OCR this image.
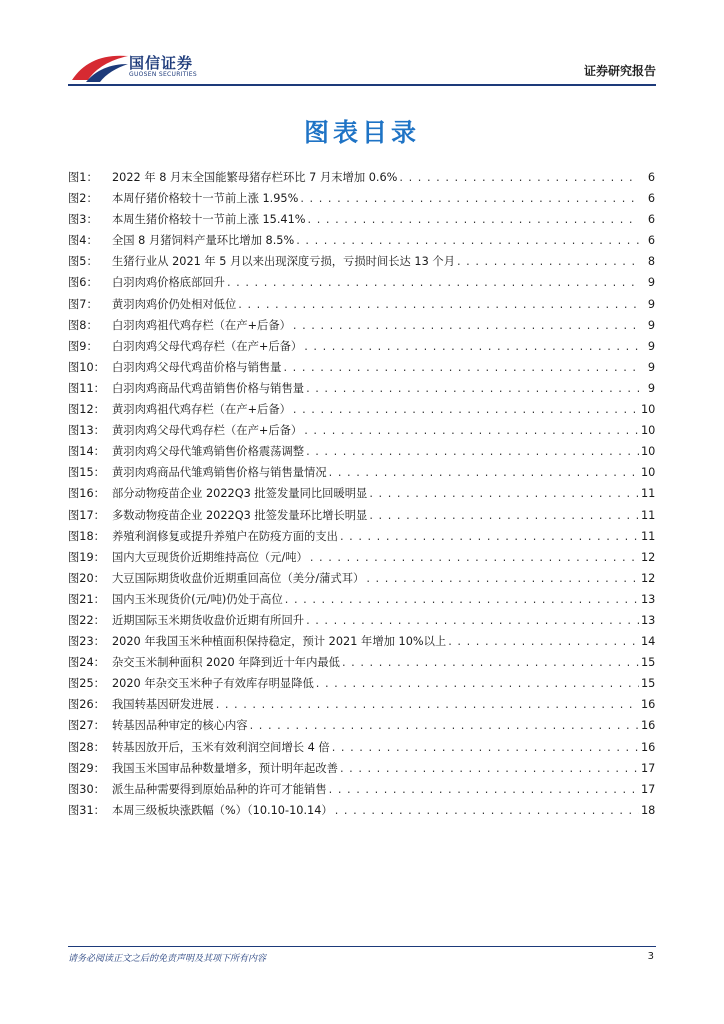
国信证券
GUOSEN SECURITIES	证券研究报告
图表目录
图1：	2022 年 8 月末全国能繁母猪存栏环比 7 月末增加 0.6% . . .	6
图2：	本周仔猪价格较十一节前上涨 1.95% . . .	6
图3：	本周生猪价格较十一节前上涨 15.41% . . .	6
图4：	全国 8 月猪饲料产量环比增加 8.5% . . .	6
图5：	生猪行业从 2021 年 5 月以来出现深度亏损，亏损时间长达 13 个月 . . .	8
图6：	白羽肉鸡价格底部回升 . . .	9
图7：	黄羽肉鸡价仍处相对低位 . . .	9
图8：	白羽肉鸡祖代鸡存栏（在产+后备） . . .	9
图9：	白羽肉鸡父母代鸡存栏（在产+后备） . . .	9
图10： 白羽肉鸡父母代鸡苗价格与销售量 . . .	9
图11： 白羽肉鸡商品代鸡苗销售价格与销售量 . . .	9
图12： 黄羽肉鸡祖代鸡存栏（在产+后备） . . .	10
图13： 黄羽肉鸡父母代鸡存栏（在产+后备） . . .	10
图14： 黄羽肉鸡父母代雏鸡销售价格震荡调整 . . .	10
图15： 黄羽肉鸡商品代雏鸡销售价格与销售量情况 . . .	10
图16： 部分动物疫苗企业 2022Q3 批签发量同比回暖明显 . . .	11
图17： 多数动物疫苗企业 2022Q3 批签发量环比增长明显 . . .	11
图18： 养殖利润修复或提升养殖户在防疫方面的支出 . . .	11
图19： 国内大豆现货价近期维持高位（元/吨） . . .	12
图20： 大豆国际期货收盘价近期重回高位（美分/蒲式耳） . . .	12
图21： 国内玉米现货价(元/吨)仍处于高位 . . .	13
图22： 近期国际玉米期货收盘价近期有所回升 . . .	13
图23： 2020 年我国玉米种植面积保持稳定，预计 2021 年增加 10%以上 . . .	14
图24： 杂交玉米制种面积 2020 年降到近十年内最低 . . .	15
图25： 2020 年杂交玉米种子有效库存明显降低 . . .	15
图26： 我国转基因研发进展 . . .	16
图27： 转基因品种审定的核心内容 . . .	16
图28： 转基因放开后，玉米有效利润空间增长 4 倍 . . .	16
图29： 我国玉米国审品种数量增多，预计明年起改善 . . .	17
图30： 派生品种需要得到原始品种的许可才能销售 . . .	17
图31： 本周三级板块涨跌幅（%）（10.10-10.14） . . .	18
请务必阅读正文之后的免责声明及其项下所有内容	3
